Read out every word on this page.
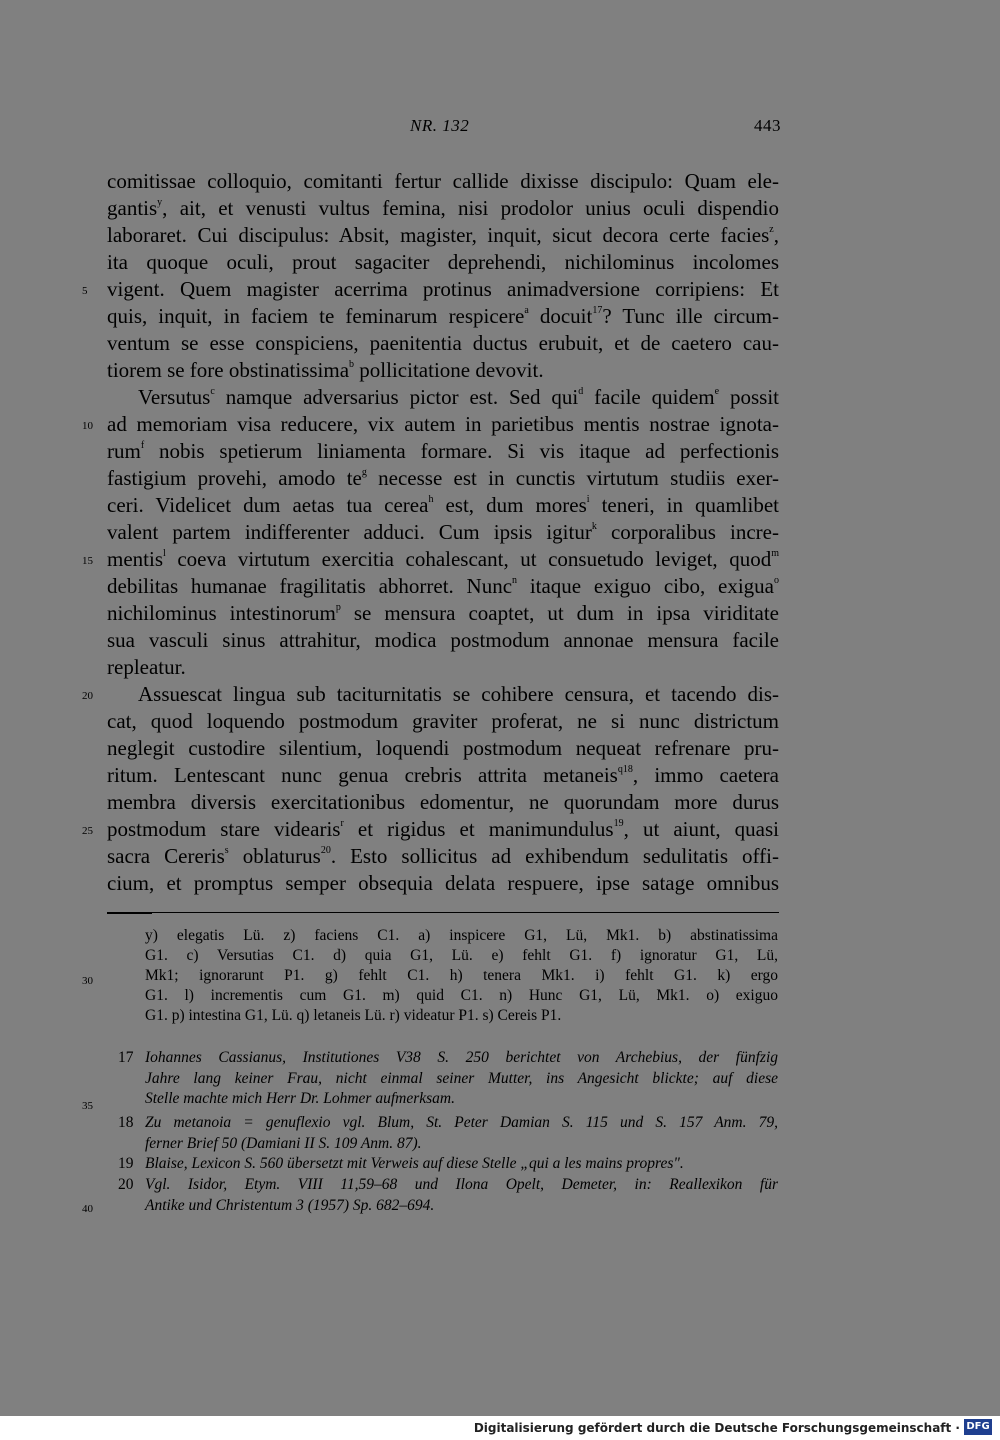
NR. 132	443
comitissae colloquio, comitanti fertur callide dixisse discipulo: Quam ele-
gantis$^y$, ait, et venusti vultus femina, nisi prodolor unius oculi dispendio
laboraret. Cui discipulus: Absit, magister, inquit, sicut decora certe facies$^z$,
ita quoque oculi, prout sagaciter deprehendi, nichilominus incolomes
vigent. Quem magister acerrima protinus animadversione corripiens: Et
quis, inquit, in faciem te feminarum respicere$^a$ docuit$^{17}$? Tunc ille circum-
ventum se esse conspiciens, paenitentia ductus erubuit, et de caetero cau-
tiorem se fore obstinatissima$^b$ pollicitatione devovit.
Versutus$^c$ namque adversarius pictor est. Sed qui$^d$ facile quidem$^e$ possit
ad memoriam visa reducere, vix autem in parietibus mentis nostrae ignota-
rum$^f$ nobis spetierum liniamenta formare. Si vis itaque ad perfectionis
fastigium provehi, amodo $te^g$ necesse est in cunctis virtutum studiis exer-
ceri. Videlicet dum aetas tua cerea$^h$ est, dum mores$^i$ teneri, in quamlibet
valent partem indifferenter adduci. Cum ipsis igitur$^k$ corporalibus incre-
mentis$^l$ coeva virtutum exercitia cohalescant, ut consuetudo leviget, quod$^m$
debilitas humanae fragilitatis abhorret. Nunc$^n$ itaque exiguo cibo, exigua$^o$
nichilominus intestinorum$^p$ se mensura coaptet, ut dum in ipsa viriditate
sua vasculi sinus attrahitur, modica postmodum annonae mensura facile
repleatur.
Assuescat lingua sub taciturnitatis se cohibere censura, et tacendo dis-
cat, quod loquendo postmodum graviter proferat, ne si nunc districtum
neglegit custodire silentium, loquendi postmodum nequeat refrenare pru-
ritum. Lentescant nunc genua crebris attrita metaneis$^{q18}$, immo caetera
membra diversis exercitationibus edomentur, ne quorundam more durus
postmodum stare videaris$^r$ et rigidus et manimundulus$^{19}$, ut aiunt, quasi
sacra Cereris$^s$ oblaturus$^{20}$. Esto sollicitus ad exhibendum sedulitatis offi-
cium, et promptus semper obsequia delata respuere, ipse satage omnibus
y) elegatis Lü. z) faciens C1. a) inspicere G1, Lü, Mk1. b) abstinatissima
G1. c) Versutias C1. d) quia G1, Lü. e) fehlt G1. f) ignoratur G1, Lü,
Mk1; ignorarunt P1. g) fehlt C1. h) tenera Mk1. i) fehlt G1. k) ergo
G1. l) incrementis cum G1. m) quid C1. n) Hunc G1, Lü, Mk1. o) exiguo
G1. p) intestina G1, Lü. q) letaneis Lü. r) videatur P1. s) Cereis P1.
17 Iohannes Cassianus, Institutiones V38 S. 250 berichtet von Archebius, der fünfzig
Jahre lang keiner Frau, nicht einmal seiner Mutter, ins Angesicht blickte; auf diese
Stelle machte mich Herr Dr. Lohmer aufmerksam.
18 Zu metanoia = genuflexio vgl. Blum, St. Peter Damian S. 115 und S. 157 Anm. 79,
ferner Brief 50 (Damiani II S. 109 Anm. 87).
19 Blaise, Lexicon S. 560 übersetzt mit Verweis auf diese Stelle „qui a les mains propres".
20 Vgl. Isidor, Etym. VIII 11,59–68 und Ilona Opelt, Demeter, in: Reallexikon für
Antike und Christentum 3 (1957) Sp. 682–694.
5
10
15
20
25
30
35
40
Digitalisierung gefördert durch die Deutsche Forschungsgemeinschaft · DFG
